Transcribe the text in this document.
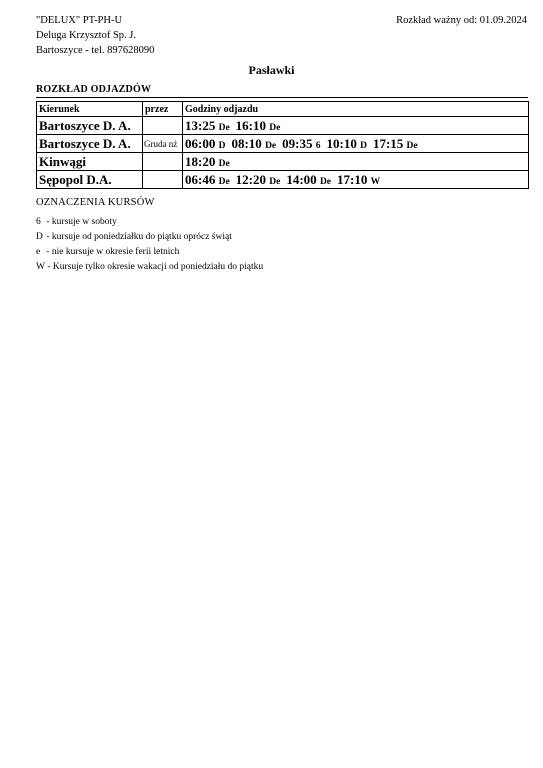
"DELUX" PT-PH-U
Deluga Krzysztof Sp. J.
Bartoszyce - tel. 897628090
Rozkład ważny od: 01.09.2024
Pasławki
ROZKŁAD ODJAZDÓW
Kierunek	przez	Godziny odjazdu
Bartoszyce D. A.		13:25 De 16:10 De
Bartoszyce D. A.	Gruda nż	06:00 D 08:10 De 09:35 6 10:10 D 17:15 De
Kinwągi		18:20 De
Sępopol D.A.		06:46 De 12:20 De 14:00 De 17:10 W
OZNACZENIA KURSÓW
6 - kursuje w soboty
D - kursuje od poniedziałku do piątku oprócz świąt
e - nie kursuje w okresie ferii letnich
W - Kursuje tylko okresie wakacji od poniedziału do piątku
